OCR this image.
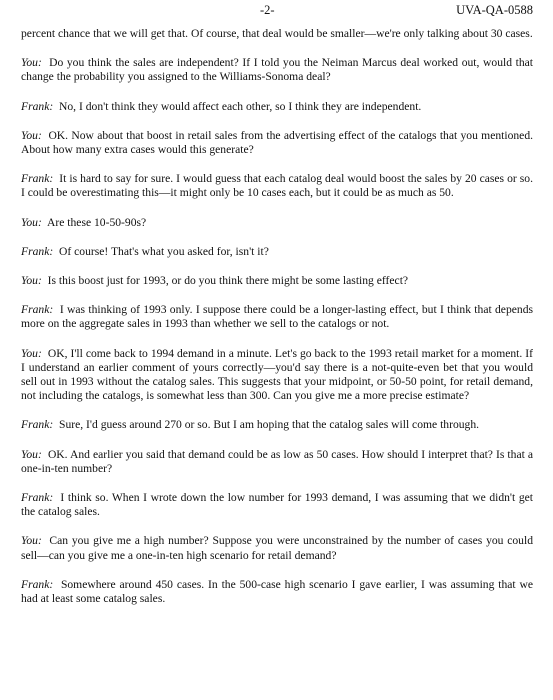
-2-	UVA-QA-0588

percent chance that we will get that. Of course, that deal would be smaller—we're only talking about 30 cases.

You: Do you think the sales are independent? If I told you the Neiman Marcus deal worked out, would that change the probability you assigned to the Williams-Sonoma deal?

Frank: No, I don't think they would affect each other, so I think they are independent.

You: OK. Now about that boost in retail sales from the advertising effect of the catalogs that you mentioned. About how many extra cases would this generate?

Frank: It is hard to say for sure. I would guess that each catalog deal would boost the sales by 20 cases or so. I could be overestimating this—it might only be 10 cases each, but it could be as much as 50.

You: Are these 10-50-90s?

Frank: Of course! That's what you asked for, isn't it?

You: Is this boost just for 1993, or do you think there might be some lasting effect?

Frank: I was thinking of 1993 only. I suppose there could be a longer-lasting effect, but I think that depends more on the aggregate sales in 1993 than whether we sell to the catalogs or not.

You: OK, I'll come back to 1994 demand in a minute. Let's go back to the 1993 retail market for a moment. If I understand an earlier comment of yours correctly—you'd say there is a not-quite-even bet that you would sell out in 1993 without the catalog sales. This suggests that your midpoint, or 50-50 point, for retail demand, not including the catalogs, is somewhat less than 300. Can you give me a more precise estimate?

Frank: Sure, I'd guess around 270 or so. But I am hoping that the catalog sales will come through.

You: OK. And earlier you said that demand could be as low as 50 cases. How should I interpret that? Is that a one-in-ten number?

Frank: I think so. When I wrote down the low number for 1993 demand, I was assuming that we didn't get the catalog sales.

You: Can you give me a high number? Suppose you were unconstrained by the number of cases you could sell—can you give me a one-in-ten high scenario for retail demand?

Frank: Somewhere around 450 cases. In the 500-case high scenario I gave earlier, I was assuming that we had at least some catalog sales.
